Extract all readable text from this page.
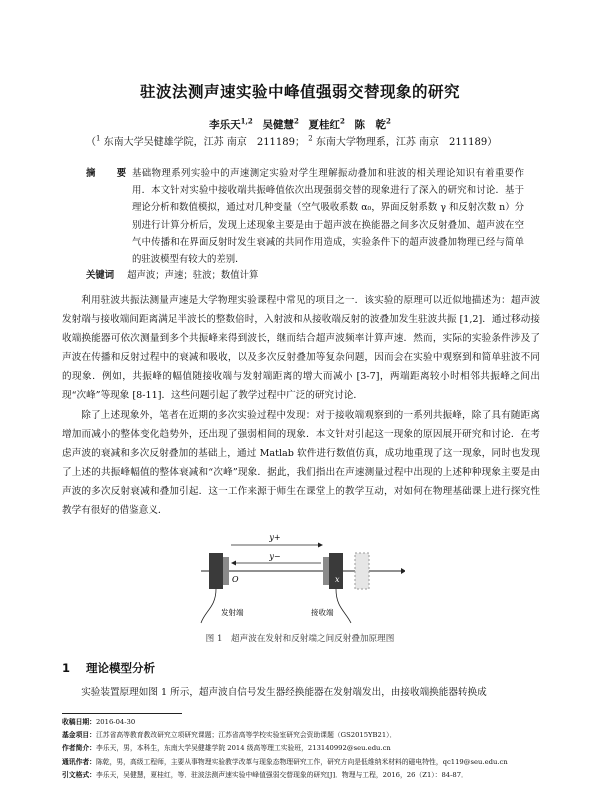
驻波法测声速实验中峰值强弱交替现象的研究
李乐天$^{1,2}$ 吴健慧$^2$ 夏桂红$^2$ 陈　乾$^2$
（$^1$ 东南大学吴健雄学院，江苏 南京　211189； $^2$ 东南大学物理系，江苏 南京　211189）
摘　要 基础物理系列实验中的声速测定实验对学生理解振动叠加和驻波的相关理论知识有着重要作用．本文针对实验中接收端共振峰值依次出现强弱交替的现象进行了深入的研究和讨论．基于理论分析和数值模拟，通过对几种变量（空气吸收系数 α₀，界面反射系数 γ 和反射次数 n）分别进行计算分析后，发现上述现象主要是由于超声波在换能器之间多次反射叠加、超声波在空气中传播和在界面反射时发生衰减的共同作用造成，实验条件下的超声波叠加物理已经与简单的驻波模型有较大的差别．
关键词 超声波；声速；驻波；数值计算
利用驻波共振法测量声速是大学物理实验课程中常见的项目之一．该实验的原理可以近似地描述为：超声波发射端与接收端间距离满足半波长的整数倍时，入射波和从接收端反射的波叠加发生驻波共振 [1,2]．通过移动接收端换能器可依次测量到多个共振峰来得到波长，继而结合超声波频率计算声速．然而，实际的实验条件涉及了声波在传播和反射过程中的衰减和吸收，以及多次反射叠加等复杂问题，因而会在实验中观察到和简单驻波不同的现象．例如，共振峰的幅值随接收端与发射端距离的增大而减小 [3-7]，两端距离较小时相邻共振峰之间出现“次峰”等现象 [8-11]．这些问题引起了教学过程中广泛的研究讨论．
除了上述现象外，笔者在近期的多次实验过程中发现：对于接收端观察到的一系列共振峰，除了具有随距离增加而减小的整体变化趋势外，还出现了强弱相间的现象．本文针对引起这一现象的原因展开研究和讨论．在考虑声波的衰减和多次反射叠加的基础上，通过 Matlab 软件进行数值仿真，成功地重现了这一现象，同时也发现了上述的共振峰幅值的整体衰减和“次峰”现象．据此，我们指出在声速测量过程中出现的上述种种现象主要是由声波的多次反射衰减和叠加引起．这一工作来源于师生在课堂上的教学互动，对如何在物理基础课上进行探究性教学有很好的借鉴意义．
y+
y−
O	x
发射端	接收端
图 1　超声波在发射和反射端之间反射叠加原理图
1 理论模型分析
实验装置原理如图 1 所示，超声波自信号发生器经换能器在发射端发出，由接收端换能器转换成
收稿日期：2016-04-30
基金项目：江苏省高等教育教改研究立项研究课题；江苏省高等学校实验室研究会资助课题（GS2015YB21）．
作者简介：李乐天，男，本科生，东南大学吴健雄学院 2014 级高等理工实验班，213140992@seu.edu.cn
通讯作者：陈乾，男，高级工程师，主要从事物理实验教学改革与现象态物理研究工作，研究方向是低维纳米材料的磁电特性，qc119@seu.edu.cn
引文格式：李乐天，吴健慧，夏桂红，等．驻波法测声速实验中峰值强弱交替现象的研究[J]．物理与工程，2016，26（Z1）：84-87．
